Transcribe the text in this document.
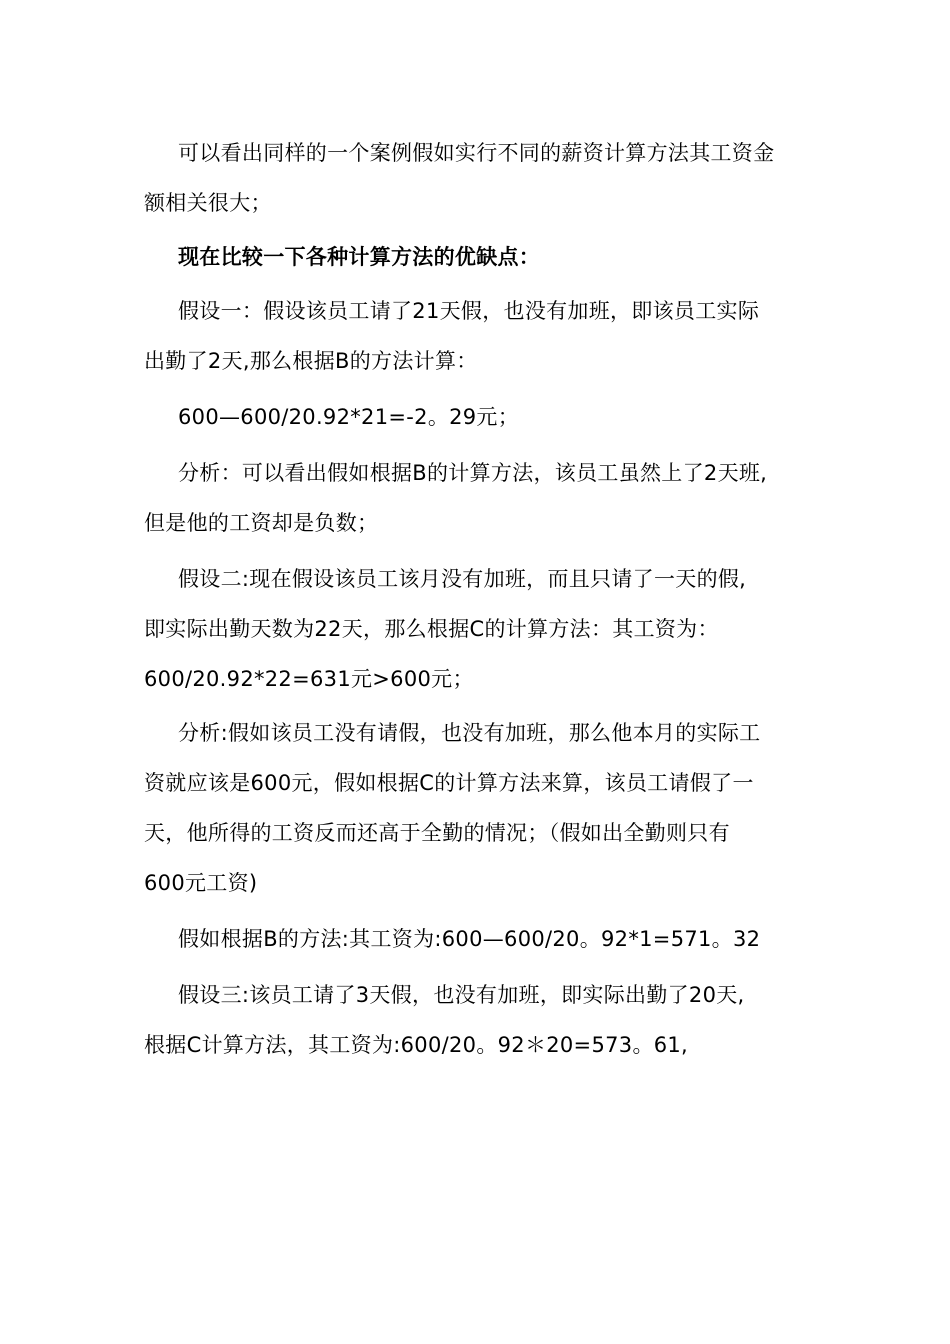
可以看出同样的一个案例假如实行不同的薪资计算方法其工资金
额相关很大；
现在比较一下各种计算方法的优缺点：
假设一：假设该员工请了21天假，也没有加班，即该员工实际
出勤了2天,那么根据B的方法计算：
600—600/20.92*21=-2。29元；
分析：可以看出假如根据B的计算方法，该员工虽然上了2天班,
但是他的工资却是负数；
假设二:现在假设该员工该月没有加班，而且只请了一天的假,
即实际出勤天数为22天，那么根据C的计算方法：其工资为：
600/20.92*22=631元>600元；
分析:假如该员工没有请假，也没有加班，那么他本月的实际工
资就应该是600元，假如根据C的计算方法来算，该员工请假了一
天，他所得的工资反而还高于全勤的情况；（假如出全勤则只有
600元工资)
假如根据B的方法:其工资为:600—600/20。92*1=571。32
假设三:该员工请了3天假，也没有加班，即实际出勤了20天,
根据C计算方法，其工资为:600/20。92＊20=573。61,
